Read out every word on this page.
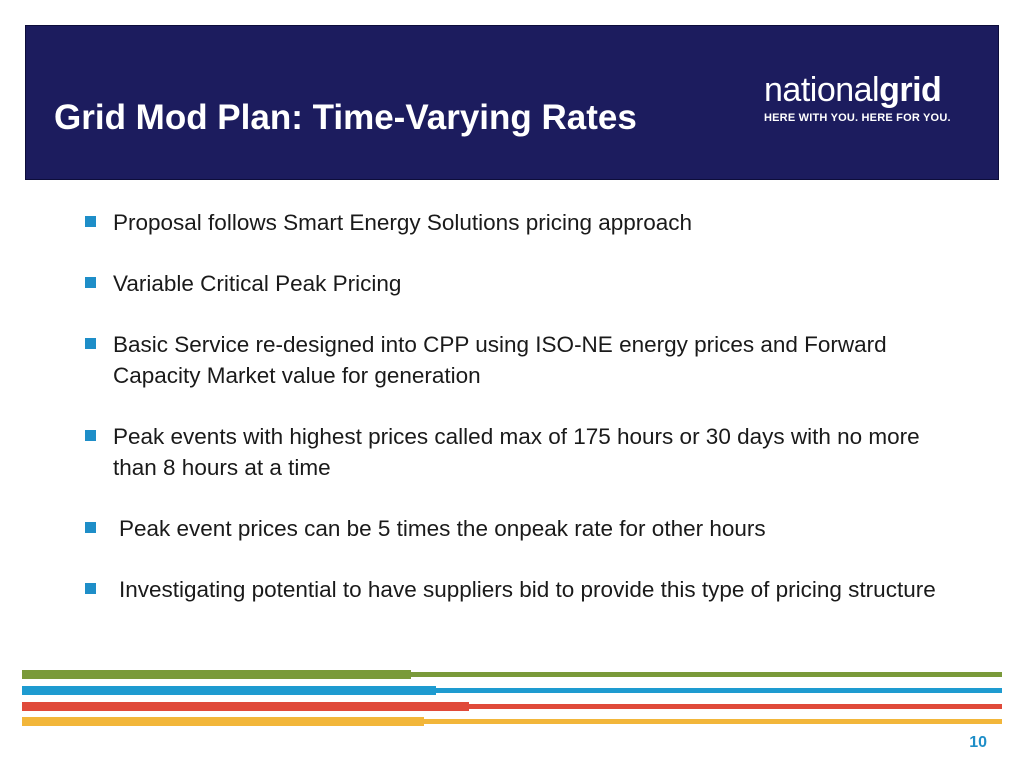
Grid Mod Plan: Time-Varying Rates
nationalgrid
HERE WITH YOU. HERE FOR YOU.
Proposal follows Smart Energy Solutions pricing approach
Variable Critical Peak Pricing
Basic Service re-designed into CPP using ISO-NE energy prices and Forward Capacity Market value for generation
Peak events with highest prices called max of 175 hours or 30 days with no more than 8 hours at a time
Peak event prices can be 5 times the onpeak rate for other hours
Investigating potential to have suppliers bid to provide this type of pricing structure
10
